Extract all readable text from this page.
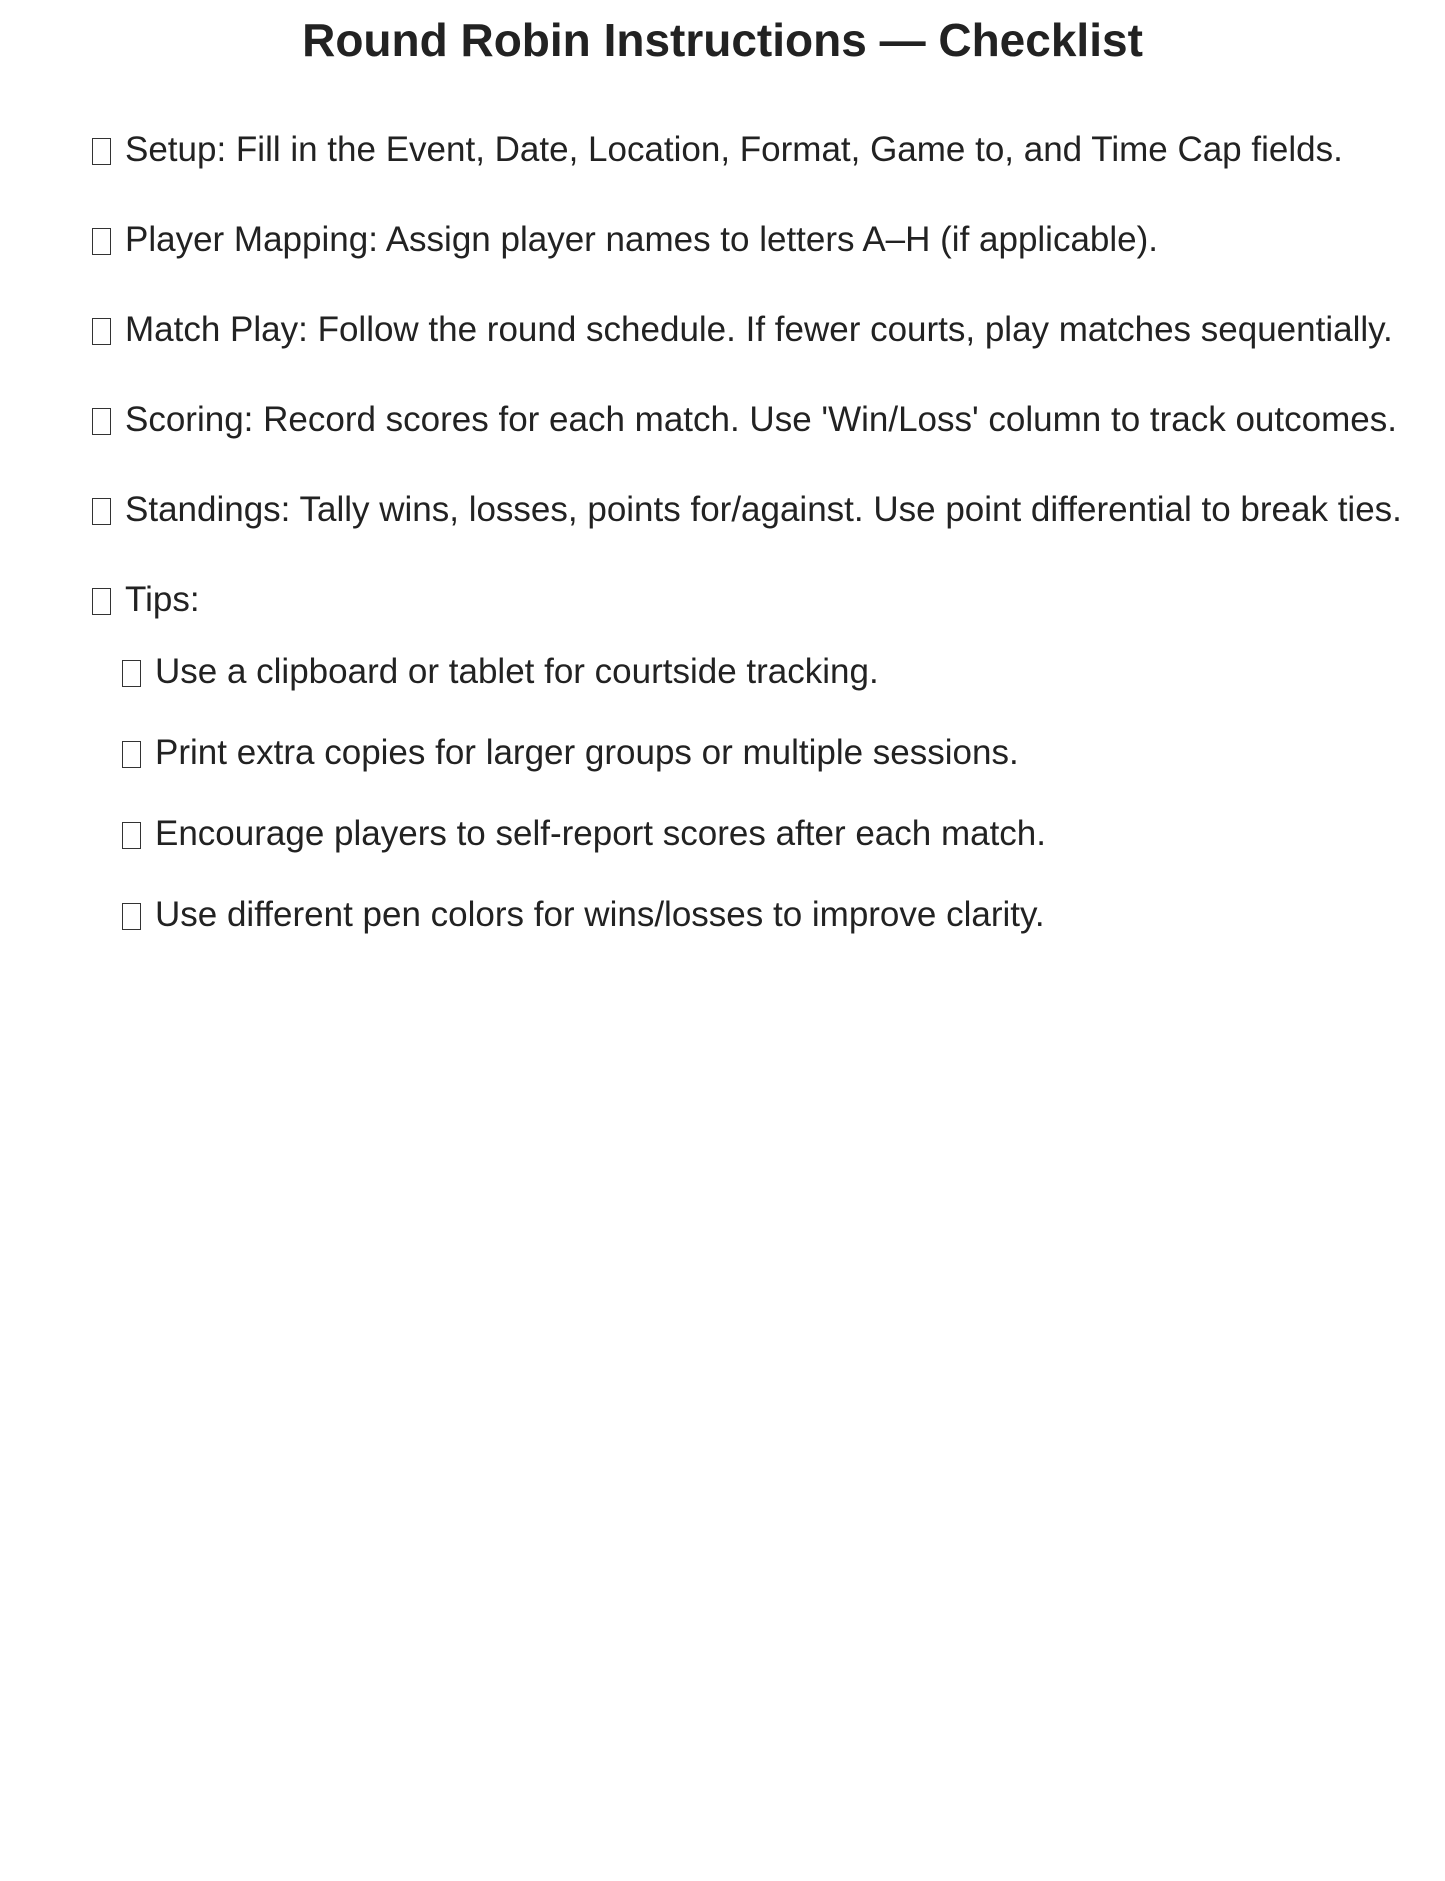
Round Robin Instructions — Checklist
Setup: Fill in the Event, Date, Location, Format, Game to, and Time Cap fields.
Player Mapping: Assign player names to letters A–H (if applicable).
Match Play: Follow the round schedule. If fewer courts, play matches sequentially.
Scoring: Record scores for each match. Use 'Win/Loss' column to track outcomes.
Standings: Tally wins, losses, points for/against. Use point differential to break ties.
Tips:
Use a clipboard or tablet for courtside tracking.
Print extra copies for larger groups or multiple sessions.
Encourage players to self-report scores after each match.
Use different pen colors for wins/losses to improve clarity.
